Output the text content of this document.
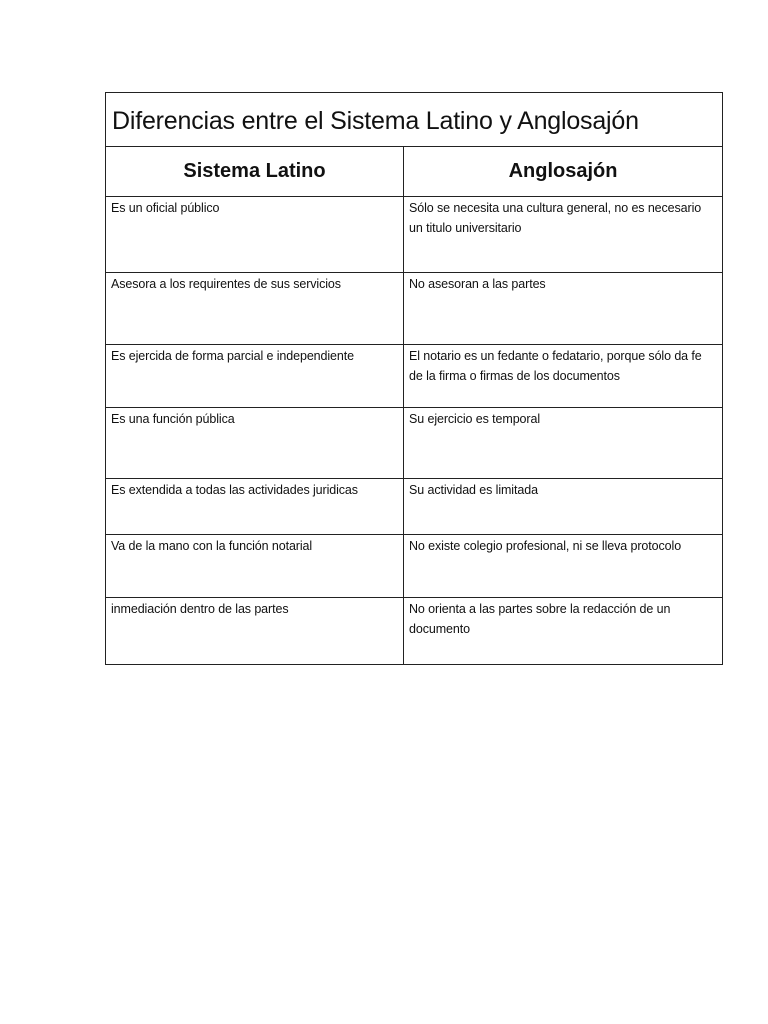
Diferencias entre el Sistema Latino y Anglosajón	
Sistema Latino	Anglosajón
Es un oficial público	Sólo se necesita una cultura general, no es necesario un titulo universitario
Asesora a los requirentes de sus servicios	No asesoran a las partes
Es ejercida de forma parcial e independiente	El notario es un fedante o fedatario, porque sólo da fe de la firma o firmas de los documentos
Es una función pública	Su ejercicio es temporal
Es extendida a todas las actividades juridicas	Su actividad es limitada
Va de la mano con la función notarial	No existe colegio profesional, ni se lleva protocolo
inmediación dentro de las partes	No orienta a las partes sobre la redacción de un documento
